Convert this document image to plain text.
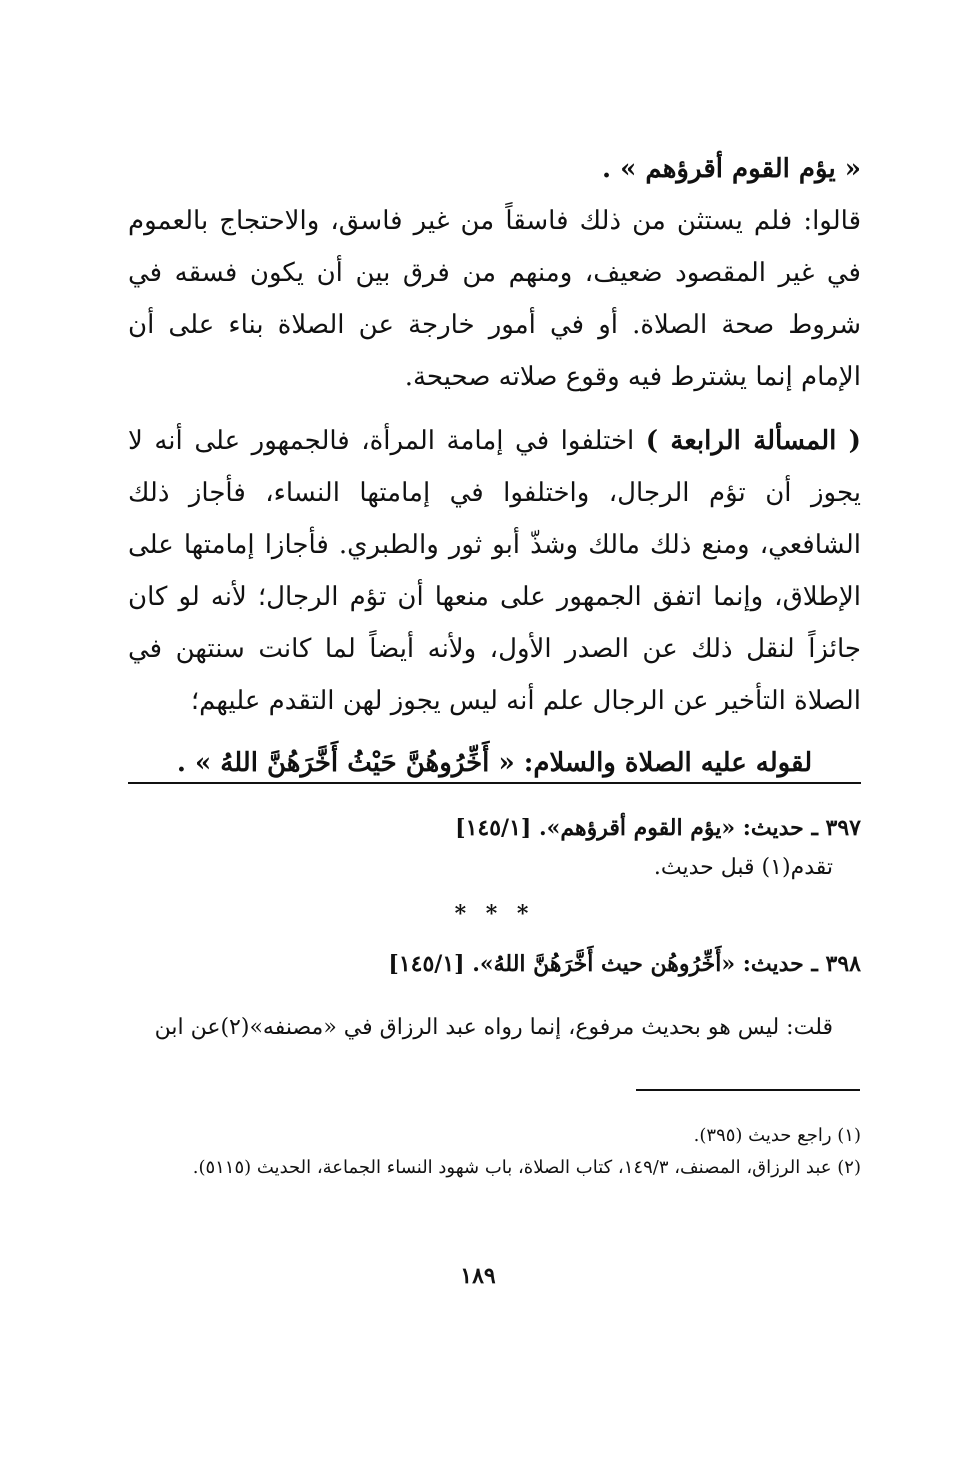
« يؤم القوم أقرؤهم » .

قالوا: فلم يستثن من ذلك فاسقاً من غير فاسق، والاحتجاج بالعموم في غير المقصود ضعيف، ومنهم من فرق بين أن يكون فسقه في شروط صحة الصلاة. أو في أمور خارجة عن الصلاة بناء على أن الإمام إنما يشترط فيه وقوع صلاته صحيحة.

( المسألة الرابعة ) اختلفوا في إمامة المرأة، فالجمهور على أنه لا يجوز أن تؤم الرجال، واختلفوا في إمامتها النساء، فأجاز ذلك الشافعي، ومنع ذلك مالك وشذّ أبو ثور والطبري. فأجازا إمامتها على الإطلاق، وإنما اتفق الجمهور على منعها أن تؤم الرجال؛ لأنه لو كان جائزاً لنقل ذلك عن الصدر الأول، ولأنه أيضاً لما كانت سنتهن في الصلاة التأخير عن الرجال علم أنه ليس يجوز لهن التقدم عليهم؛

لقوله عليه الصلاة والسلام: « أَخِّرُوهُنَّ حَيْثُ أَخَّرَهُنَّ اللهُ » .

٣٩٧ ـ حديث: «يؤم القوم أقرؤهم». [١٤٥/١]

تقدم(١) قبل حديث.

* * *

٣٩٨ ـ حديث: «أَخِّرُوهُن حيث أَخَّرَهُنَّ اللهُ». [١٤٥/١]

قلت: ليس هو بحديث مرفوع، إنما رواه عبد الرزاق في «مصنفه»(٢)عن ابن

(١) راجع حديث (٣٩٥).

(٢) عبد الرزاق، المصنف، ١٤٩/٣، كتاب الصلاة، باب شهود النساء الجماعة، الحديث (٥١١٥).

١٨٩
